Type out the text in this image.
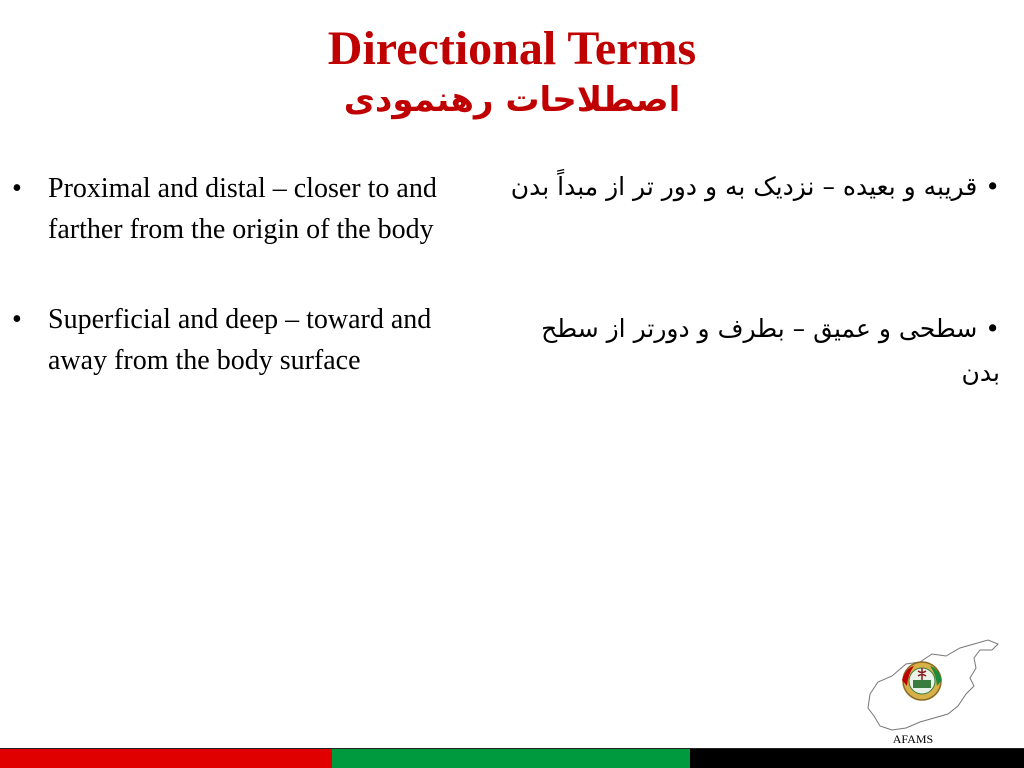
Directional Terms
اصطلاحات رهنمودی
• Proximal and distal – closer to and farther from the origin of the body
• Superficial and deep – toward and away from the body surface
• قریبه و بعیده – نزدیک به و دور تر از مبداً بدن
• سطحی و عمیق – بطرف و دورتر از سطح بدن
AFAMS
